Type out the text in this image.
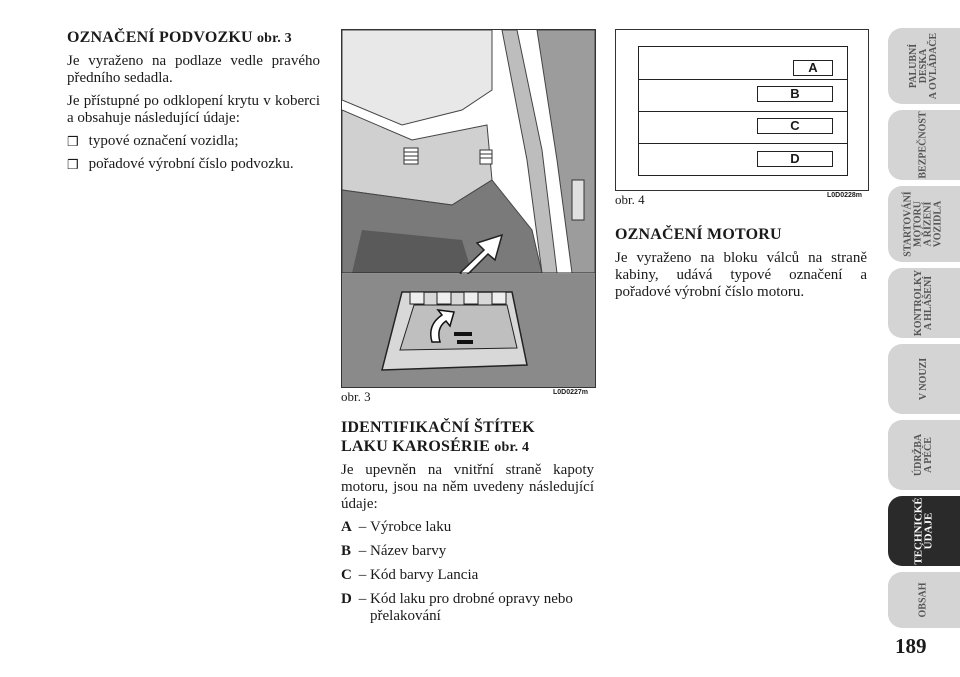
OZNAČENÍ PODVOZKU obr. 3

Je vyraženo na podlaze vedle pravého předního sedadla.

Je přístupné po odklopení krytu v koberci a obsahuje následující údaje:

❒ typové označení vozidla;
❒ pořadové výrobní číslo podvozku.
obr. 3	L0D0227m
IDENTIFIKAČNÍ ŠTÍTEK
LAKU KAROSÉRIE obr. 4

Je upevněn na vnitřní straně kapoty motoru, jsou na něm uvedeny následující údaje:

A – Výrobce laku
B – Název barvy
C – Kód barvy Lancia
D – Kód laku pro drobné opravy nebo přelakování
A
B
C
D
obr. 4	L0D0228m
OZNAČENÍ MOTORU

Je vyraženo na bloku válců na straně kabiny, udává typové označení a pořadové výrobní číslo motoru.

PALUBNÍ
DESKA
A OVLÁDAČE
BEZPEČNOST
STARTOVÁNÍ
MOTORU
A ŘÍZENÍ
VOZIDLA
KONTROLKY
A HLÁŠENÍ
V NOUZI
ÚDRŽBA
A PÉČE
TECHNICKÉ
ÚDAJE
OBSAH
189
